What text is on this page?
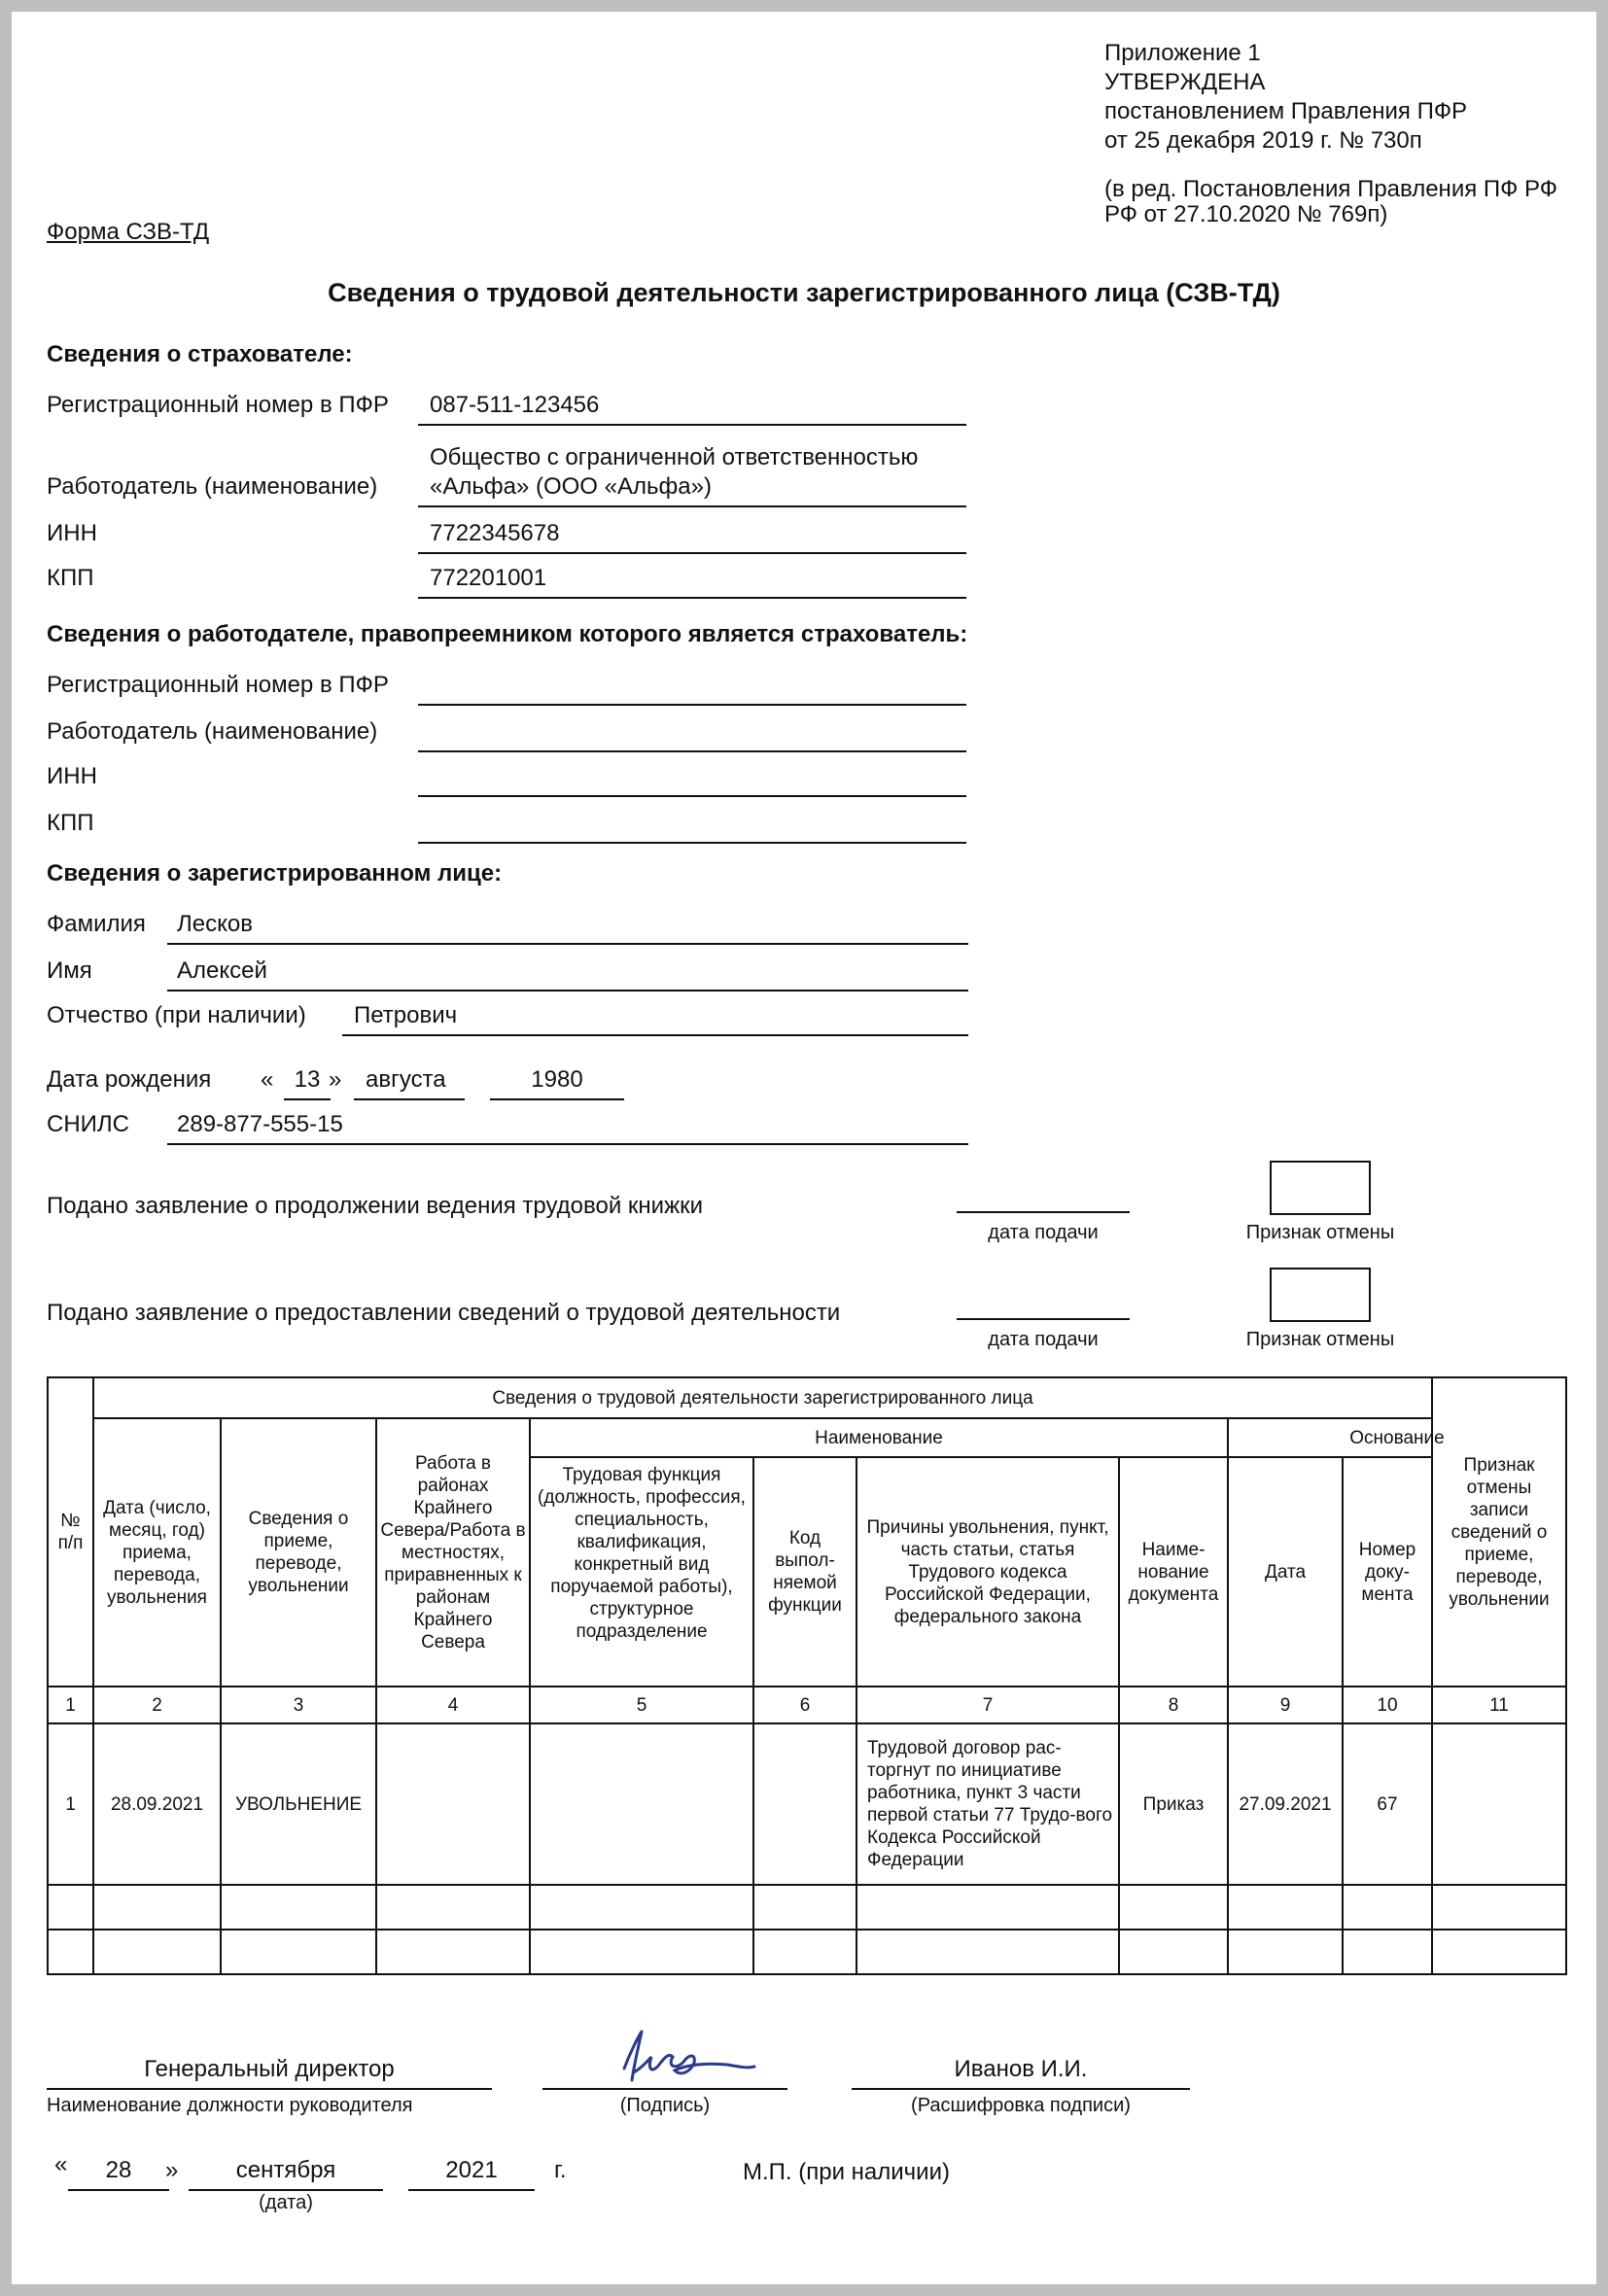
Приложение 1
УТВЕРЖДЕНА
постановлением Правления ПФР
от 25 декабря 2019 г. № 730п
(в ред. Постановления Правления ПФ РФ
РФ от 27.10.2020 № 769п)
Форма СЗВ-ТД
Сведения о трудовой деятельности зарегистрированного лица (СЗВ-ТД)
Сведения о страхователе:
Регистрационный номер в ПФР 087-511-123456
Общество с ограниченной ответственностью
Работодатель (наименование) «Альфа» (ООО «Альфа»)
ИНН	7722345678
КПП	772201001
Сведения о работодателе, правопреемником которого является страхователь:
Регистрационный номер в ПФР
Работодатель (наименование)
ИНН
КПП
Сведения о зарегистрированном лице:
Фамилия Лесков
Имя	Алексей
Отчество (при наличии) Петрович
Дата рождения « 13 » августа	1980
СНИЛС 289-877-555-15
Подано заявление о продолжении ведения трудовой книжки
дата подачи	Признак отмены
Подано заявление о предоставлении сведений о трудовой деятельности
дата подачи	Признак отмены
№ п/п	Сведения о трудовой деятельности зарегистрированного лица									Признак отмены записи сведений о приеме, переводе, увольнении
	Дата (число, месяц, год) приема, перевода, увольнения	Сведения о приеме, переводе, увольнении	Работа в районах Крайнего Севера/Работа в местностях, приравненных к районам Крайнего Севера	Наименование				Основание		
				Трудовая функция (должность, профессия, специальность, квалификация, конкретный вид поручаемой работы), структурное подразделение	Код выпол-няемой функции	Причины увольнения, пункт, часть статьи, статья Трудового кодекса Российской Федерации, федерального закона	Наиме-нование документа	Дата	Номер доку-мента	

1	2	3	4	5	6	7	8	9	10	11
1	28.09.2021	УВОЛЬНЕНИЕ				Трудовой договор рас-торгнут по инициативе работника, пункт 3 части первой статьи 77 Трудо-вого Кодекса Российской Федерации	Приказ	27.09.2021	67	

Генеральный директор
Наименование должности руководителя	(Подпись)
Иванов И.И.
(Расшифровка подписи)
«	28	»	сентября
(дата)
2021	г.	М.П. (при наличии)
